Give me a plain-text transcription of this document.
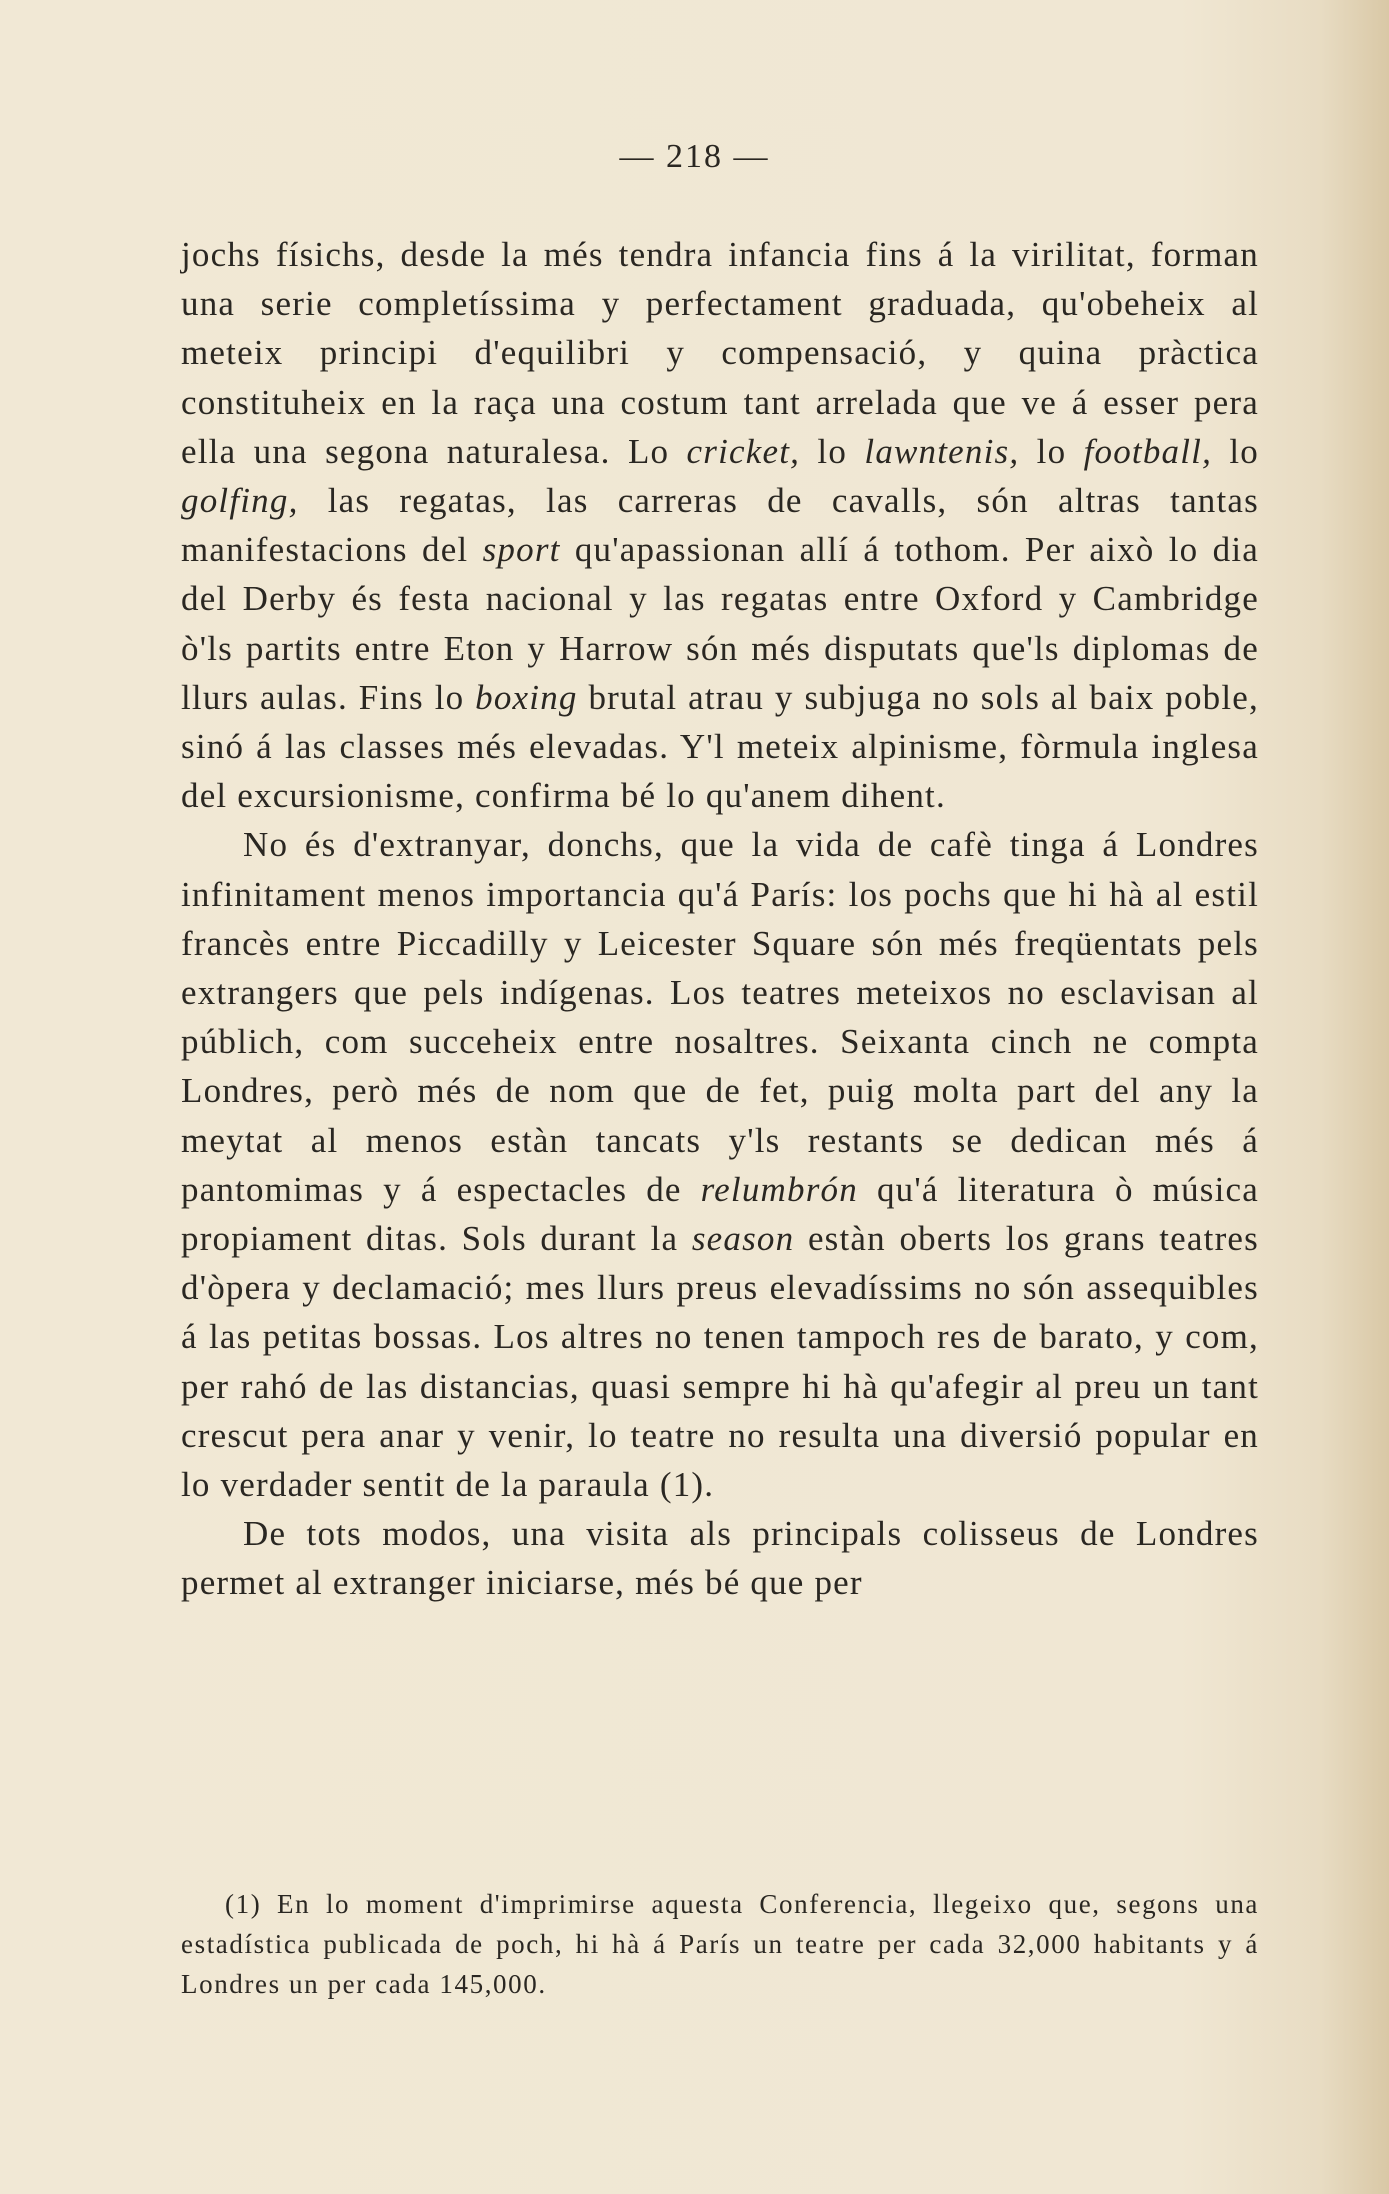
— 218 —

jochs físichs, desde la més tendra infancia fins á la virilitat, forman una serie completíssima y perfectament graduada, qu'obeheix al meteix principi d'equilibri y compensació, y quina pràctica constituheix en la raça una costum tant arrelada que ve á esser pera ella una segona naturalesa. Lo cricket, lo lawntenis, lo football, lo golfing, las regatas, las carreras de cavalls, són altras tantas manifestacions del sport qu'apassionan allí á tothom. Per això lo dia del Derby és festa nacional y las regatas entre Oxford y Cambridge ò'ls partits entre Eton y Harrow són més disputats que'ls diplomas de llurs aulas. Fins lo boxing brutal atrau y subjuga no sols al baix poble, sinó á las classes més elevadas. Y'l meteix alpinisme, fòrmula inglesa del excursionisme, confirma bé lo qu'anem dihent.

No és d'extranyar, donchs, que la vida de cafè tinga á Londres infinitament menos importancia qu'á París: los pochs que hi hà al estil francès entre Piccadilly y Leicester Square són més freqüentats pels extrangers que pels indígenas. Los teatres meteixos no esclavisan al públich, com succeheix entre nosaltres. Seixanta cinch ne compta Londres, però més de nom que de fet, puig molta part del any la meytat al menos estàn tancats y'ls restants se dedican més á pantomimas y á espectacles de relumbrón qu'á literatura ò música propiament ditas. Sols durant la season estàn oberts los grans teatres d'òpera y declamació; mes llurs preus elevadíssims no són assequibles á las petitas bossas. Los altres no tenen tampoch res de barato, y com, per rahó de las distancias, quasi sempre hi hà qu'afegir al preu un tant crescut pera anar y venir, lo teatre no resulta una diversió popular en lo verdader sentit de la paraula (1).

De tots modos, una visita als principals colisseus de Londres permet al extranger iniciarse, més bé que per

(1) En lo moment d'imprimirse aquesta Conferencia, llegeixo que, segons una estadística publicada de poch, hi hà á París un teatre per cada 32,000 habitants y á Londres un per cada 145,000.
